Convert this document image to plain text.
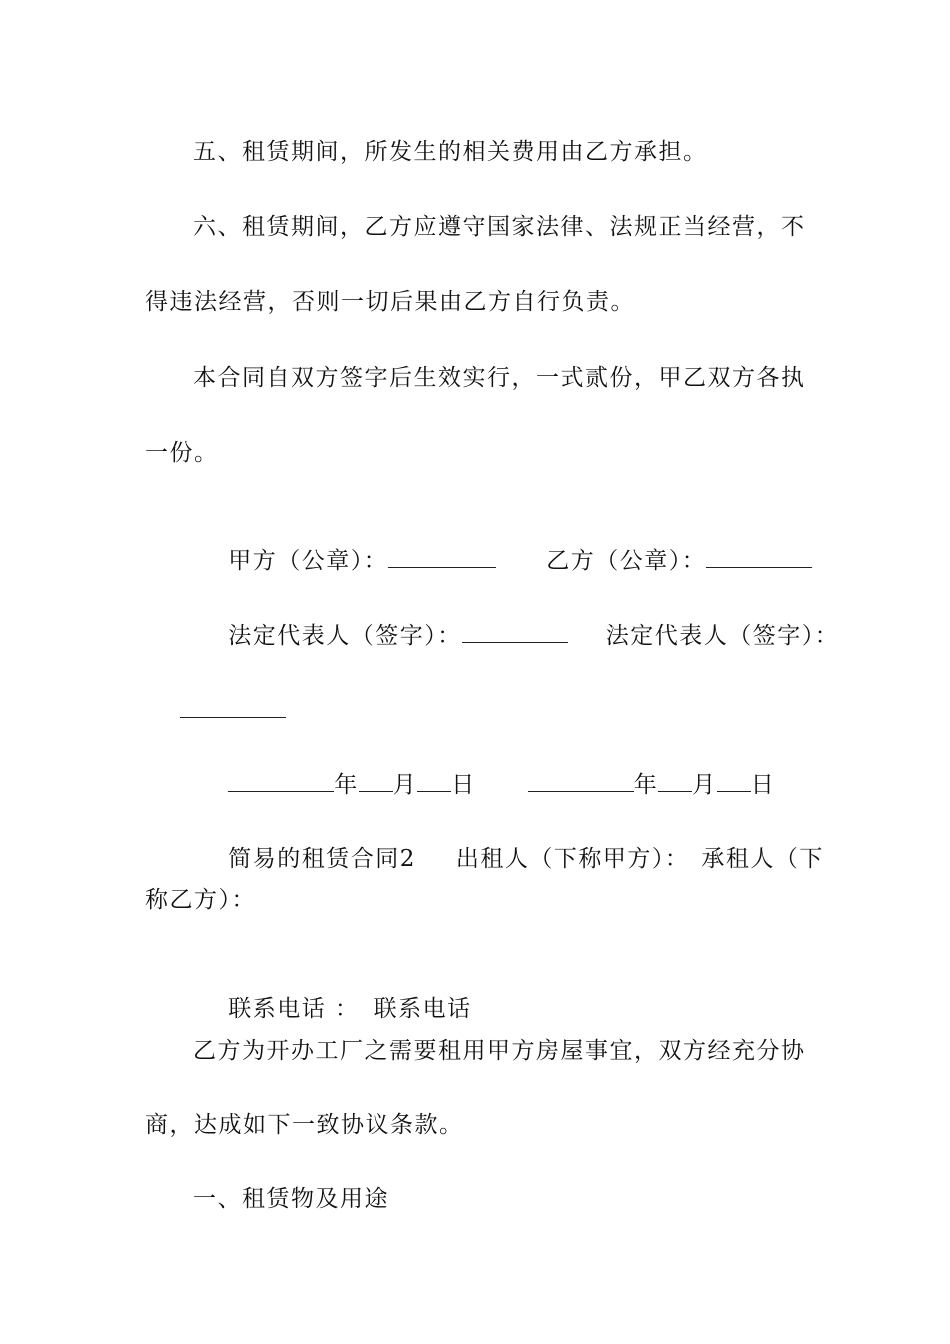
五、租赁期间，所发生的相关费用由乙方承担。
六、租赁期间，乙方应遵守国家法律、法规正当经营，不
得违法经营，否则一切后果由乙方自行负责。
本合同自双方签字后生效实行，一式贰份，甲乙双方各执
一份。

甲方（公章）：	乙方（公章）：

法定代表人（签字）：	法定代表人（签字）：

年 月 日	年 月 日

简易的租赁合同2 出租人（下称甲方）： 承租人（下

称乙方）：

联系电话 ： 联系电话

乙方为开办工厂之需要租用甲方房屋事宜，双方经充分协
商，达成如下一致协议条款。
一、租赁物及用途
